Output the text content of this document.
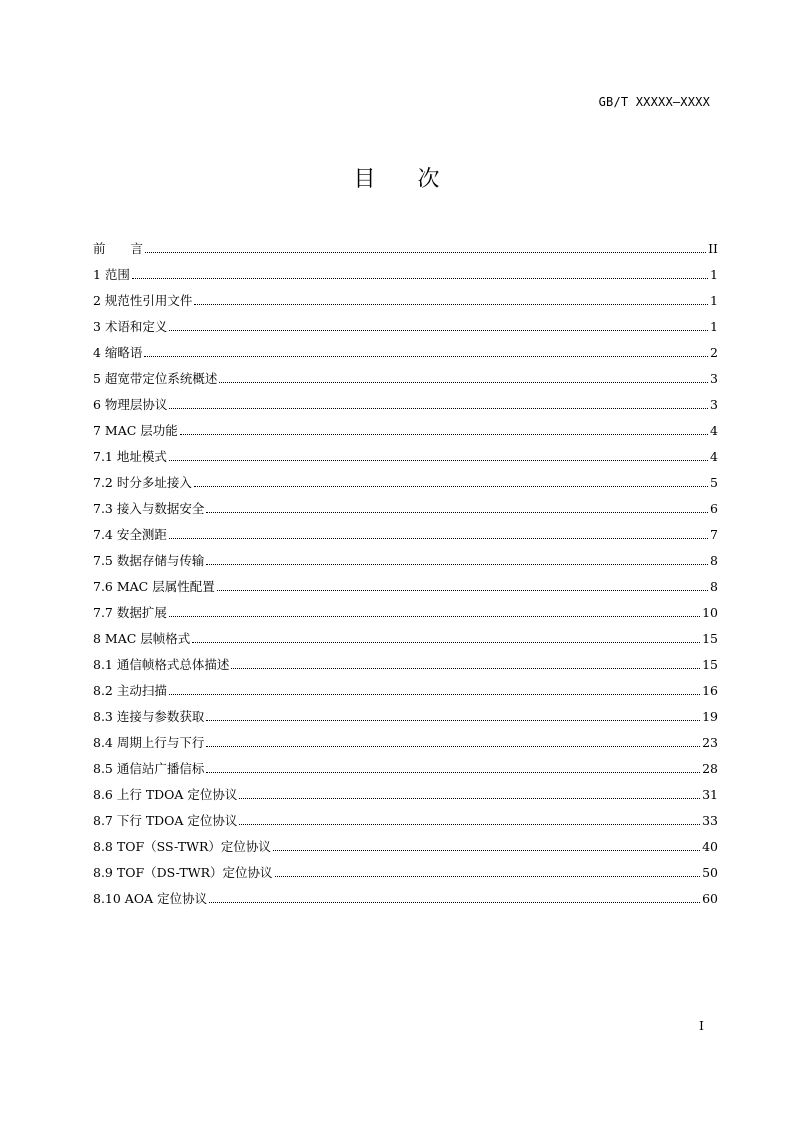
GB/T XXXXX—XXXX
目次
前　　言	II
1 范围	1
2 规范性引用文件	1
3 术语和定义	1
4 缩略语	2
5 超宽带定位系统概述	3
6 物理层协议	3
7 MAC 层功能	4
7.1 地址模式	4
7.2 时分多址接入	5
7.3 接入与数据安全	6
7.4 安全测距	7
7.5 数据存储与传输	8
7.6 MAC 层属性配置	8
7.7 数据扩展	10
8 MAC 层帧格式	15
8.1 通信帧格式总体描述	15
8.2 主动扫描	16
8.3 连接与参数获取	19
8.4 周期上行与下行	23
8.5 通信站广播信标	28
8.6 上行 TDOA 定位协议	31
8.7 下行 TDOA 定位协议	33
8.8 TOF（SS-TWR）定位协议	40
8.9 TOF（DS-TWR）定位协议	50
8.10 AOA 定位协议	60
I
